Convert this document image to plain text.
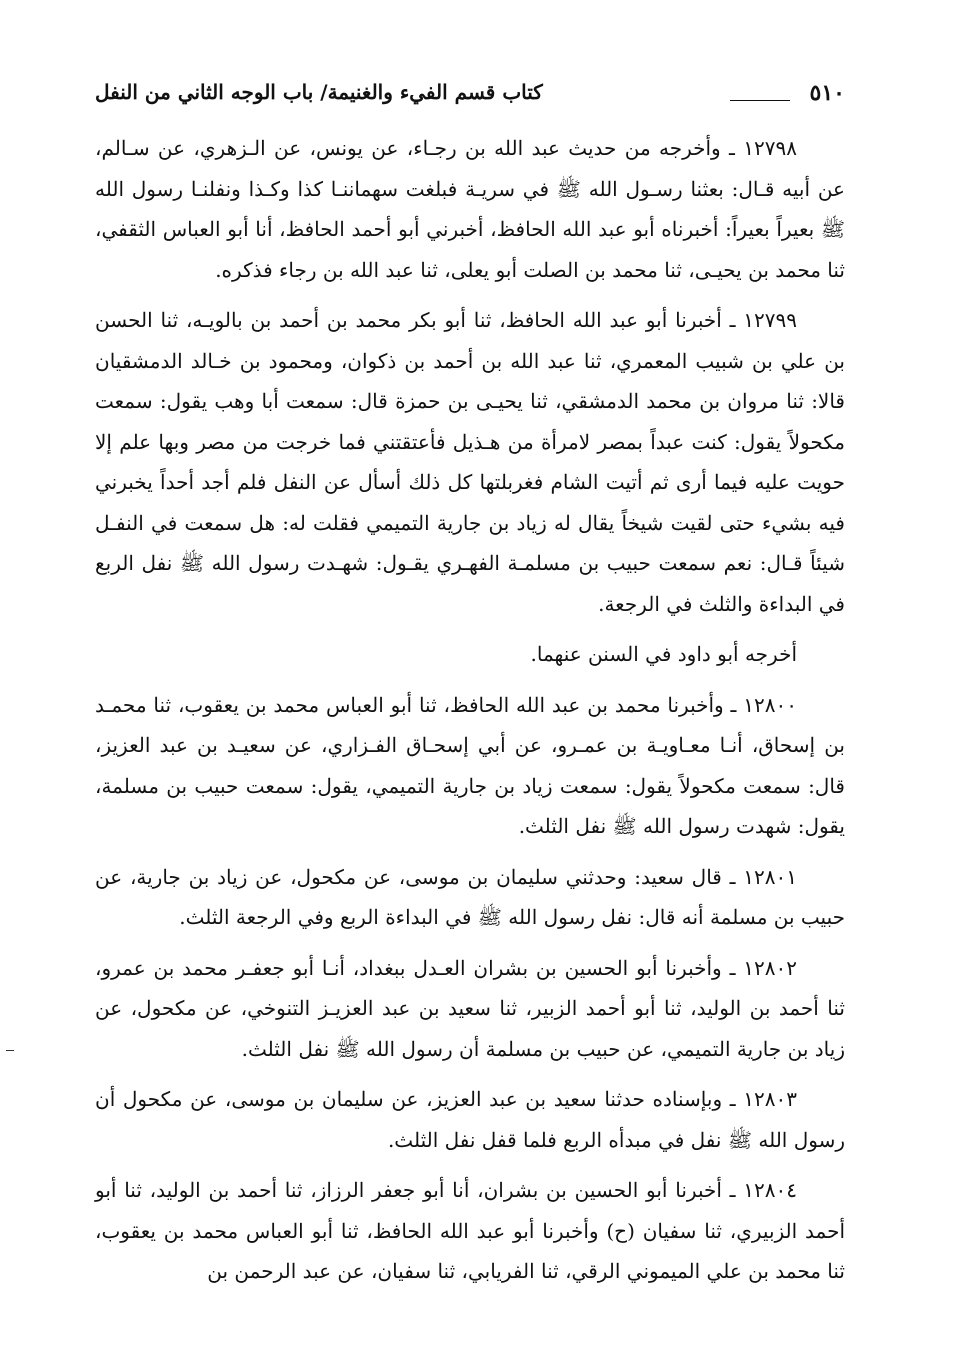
٥١٠
كتاب قسم الفيء والغنيمة/ باب الوجه الثاني من النفل

١٢٧٩٨ ـ وأخرجه من حديث عبد الله بن رجـاء، عن يونس، عن الـزهري، عن سـالم، عن أبيه قـال: بعثنا رسـول الله ﷺ في سريـة فبلغت سهماننـا كذا وكـذا ونفلنـا رسول الله ﷺ بعيراً بعيراً: أخبرناه أبو عبد الله الحافظ، أخبرني أبو أحمد الحافظ، أنا أبو العباس الثقفي، ثنا محمد بن يحيـى، ثنا محمد بن الصلت أبو يعلى، ثنا عبد الله بن رجاء فذكره.

١٢٧٩٩ ـ أخبرنا أبو عبد الله الحافظ، ثنا أبو بكر محمد بن أحمد بن بالويـه، ثنا الحسن بن علي بن شبيب المعمري، ثنا عبد الله بن أحمد بن ذكوان، ومحمود بن خـالد الدمشقيان قالا: ثنا مروان بن محمد الدمشقي، ثنا يحيـى بن حمزة قال: سمعت أبا وهب يقول: سمعت مكحولاً يقول: كنت عبداً بمصر لامرأة من هـذيل فأعتقتني فما خرجت من مصر وبها علم إلا حويت عليه فيما أرى ثم أتيت الشام فغربلتها كل ذلك أسأل عن النفل فلم أجد أحداً يخبرني فيه بشيء حتى لقيت شيخاً يقال له زياد بن جارية التميمي فقلت له: هل سمعت في النفـل شيئاً قـال: نعم سمعت حبيب بن مسلمـة الفهـري يقـول: شهـدت رسول الله ﷺ نفل الربع في البداءة والثلث في الرجعة.

أخرجه أبو داود في السنن عنهما.

١٢٨٠٠ ـ وأخبرنا محمد بن عبد الله الحافظ، ثنا أبو العباس محمد بن يعقوب، ثنا محمـد بن إسحاق، أنـا معـاويـة بن عمـرو، عن أبي إسحـاق الفـزاري، عن سعيـد بن عبد العزيز، قال: سمعت مكحولاً يقول: سمعت زياد بن جارية التميمي، يقول: سمعت حبيب بن مسلمة، يقول: شهدت رسول الله ﷺ نفل الثلث.

١٢٨٠١ ـ قال سعيد: وحدثني سليمان بن موسى، عن مكحول، عن زياد بن جارية، عن حبيب بن مسلمة أنه قال: نفل رسول الله ﷺ في البداءة الربع وفي الرجعة الثلث.

١٢٨٠٢ ـ وأخبرنا أبو الحسين بن بشران العـدل ببغداد، أنـا أبو جعفـر محمد بن عمرو، ثنا أحمد بن الوليد، ثنا أبو أحمد الزبير، ثنا سعيد بن عبد العزيـز التنوخي، عن مكحول، عن زياد بن جارية التميمي، عن حبيب بن مسلمة أن رسول الله ﷺ نفل الثلث.

١٢٨٠٣ ـ وبإسناده حدثنا سعيد بن عبد العزيز، عن سليمان بن موسى، عن مكحول أن رسول الله ﷺ نفل في مبدأه الربع فلما قفل نفل الثلث.

١٢٨٠٤ ـ أخبرنا أبو الحسين بن بشران، أنا أبو جعفر الرزاز، ثنا أحمد بن الوليد، ثنا أبو أحمد الزبيري، ثنا سفيان (ح) وأخبرنا أبو عبد الله الحافظ، ثنا أبو العباس محمد بن يعقوب، ثنا محمد بن علي الميموني الرقي، ثنا الفريابي، ثنا سفيان، عن عبد الرحمن بن
